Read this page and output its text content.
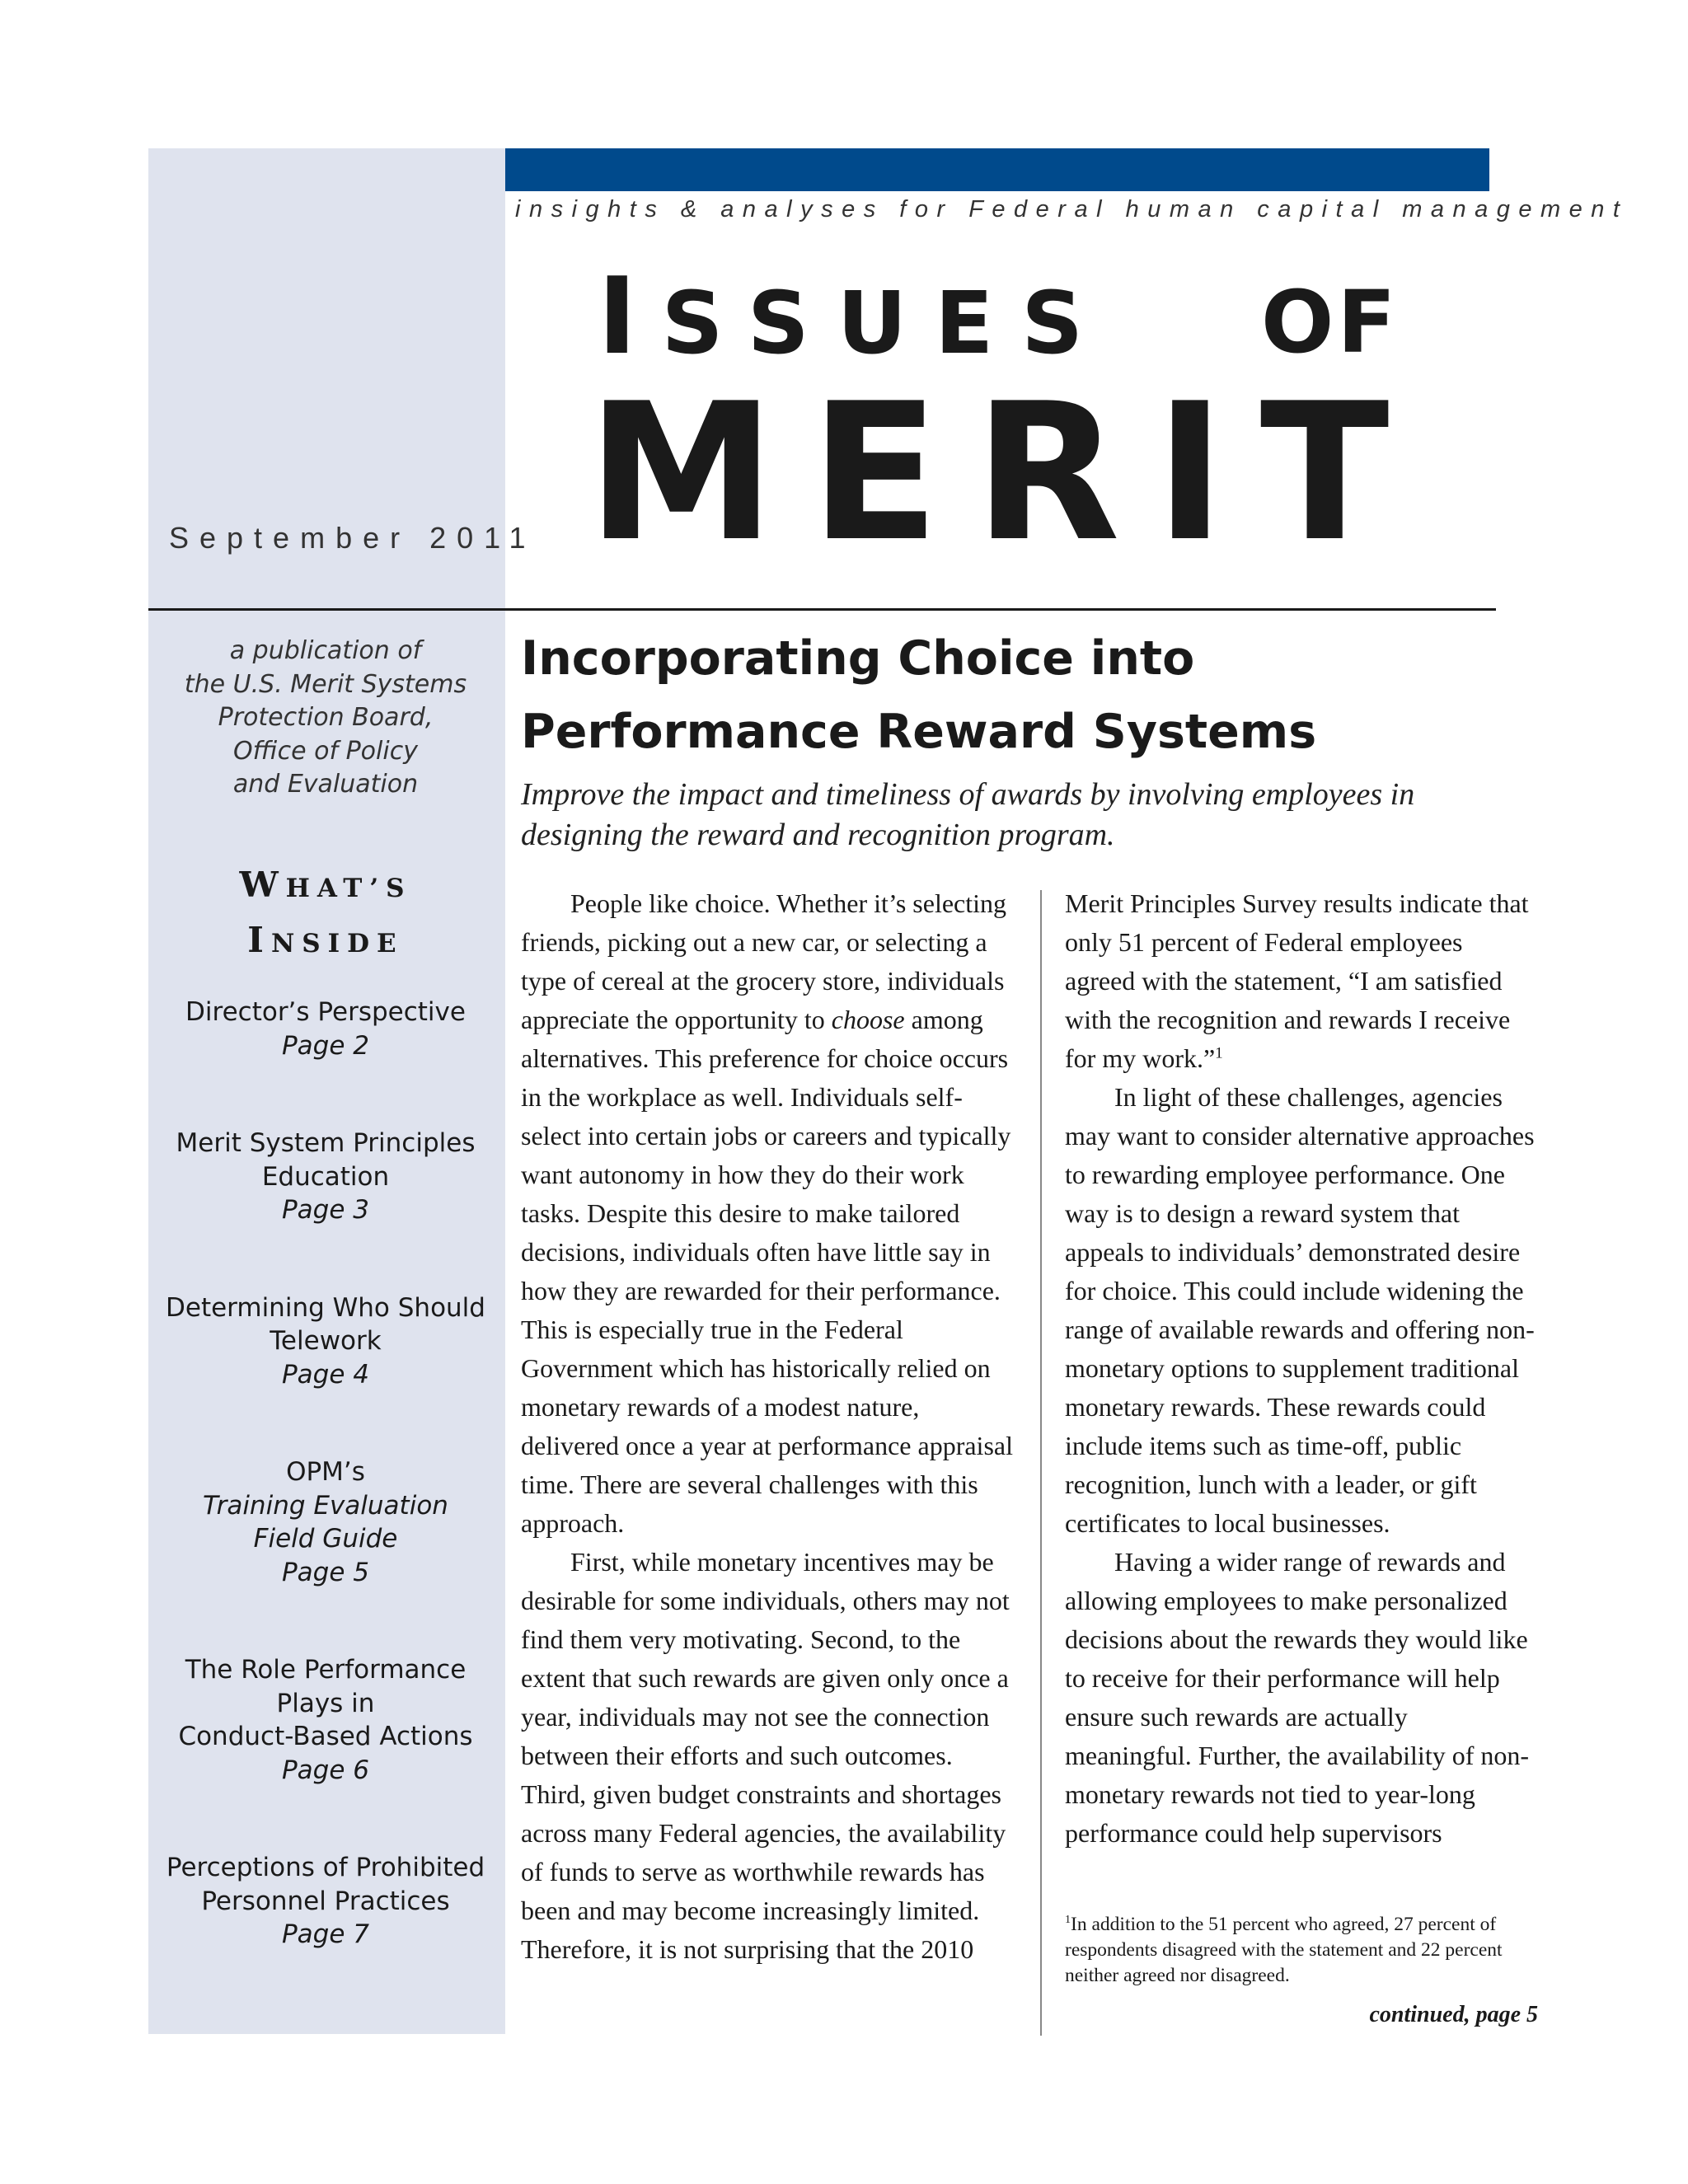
insights & analyses for Federal human capital management
I SSUES OF
MERIT
September 2011
a publication of
the U.S. Merit Systems
Protection Board,
Office of Policy
and Evaluation
WHAT’S
INSIDE
Director’s Perspective
Page 2
Merit System Principles
Education
Page 3
Determining Who Should
Telework
Page 4
OPM’s
Training Evaluation
Field Guide
Page 5
The Role Performance
Plays in
Conduct-Based Actions
Page 6
Perceptions of Prohibited
Personnel Practices
Page 7
Incorporating Choice into
Performance Reward Systems
Improve the impact and timeliness of awards by involving employees in designing the reward and recognition program.

People like choice. Whether it’s selecting friends, picking out a new car, or selecting a type of cereal at the grocery store, individuals appreciate the opportunity to choose among alternatives. This preference for choice occurs in the workplace as well. Individuals self-select into certain jobs or careers and typically want autonomy in how they do their work tasks. Despite this desire to make tailored decisions, individuals often have little say in how they are rewarded for their performance. This is especially true in the Federal Government which has historically relied on monetary rewards of a modest nature, delivered once a year at performance appraisal time. There are several challenges with this approach.

First, while monetary incentives may be desirable for some individuals, others may not find them very motivating. Second, to the extent that such rewards are given only once a year, individuals may not see the connection between their efforts and such outcomes. Third, given budget constraints and shortages across many Federal agencies, the availability of funds to serve as worthwhile rewards has been and may become increasingly limited. Therefore, it is not surprising that the 2010

Merit Principles Survey results indicate that only 51 percent of Federal employees agreed with the statement, “I am satisfied with the recognition and rewards I receive for my work.”$^1$

In light of these challenges, agencies may want to consider alternative approaches to rewarding employee performance. One way is to design a reward system that appeals to individuals’ demonstrated desire for choice. This could include widening the range of available rewards and offering non-monetary options to supplement traditional monetary rewards. These rewards could include items such as time-off, public recognition, lunch with a leader, or gift certificates to local businesses.

Having a wider range of rewards and allowing employees to make personalized decisions about the rewards they would like to receive for their performance will help ensure such rewards are actually meaningful. Further, the availability of non-monetary rewards not tied to year-long performance could help supervisors

$^1$In addition to the 51 percent who agreed, 27 percent of respondents disagreed with the statement and 22 percent neither agreed nor disagreed.
continued, page 5
